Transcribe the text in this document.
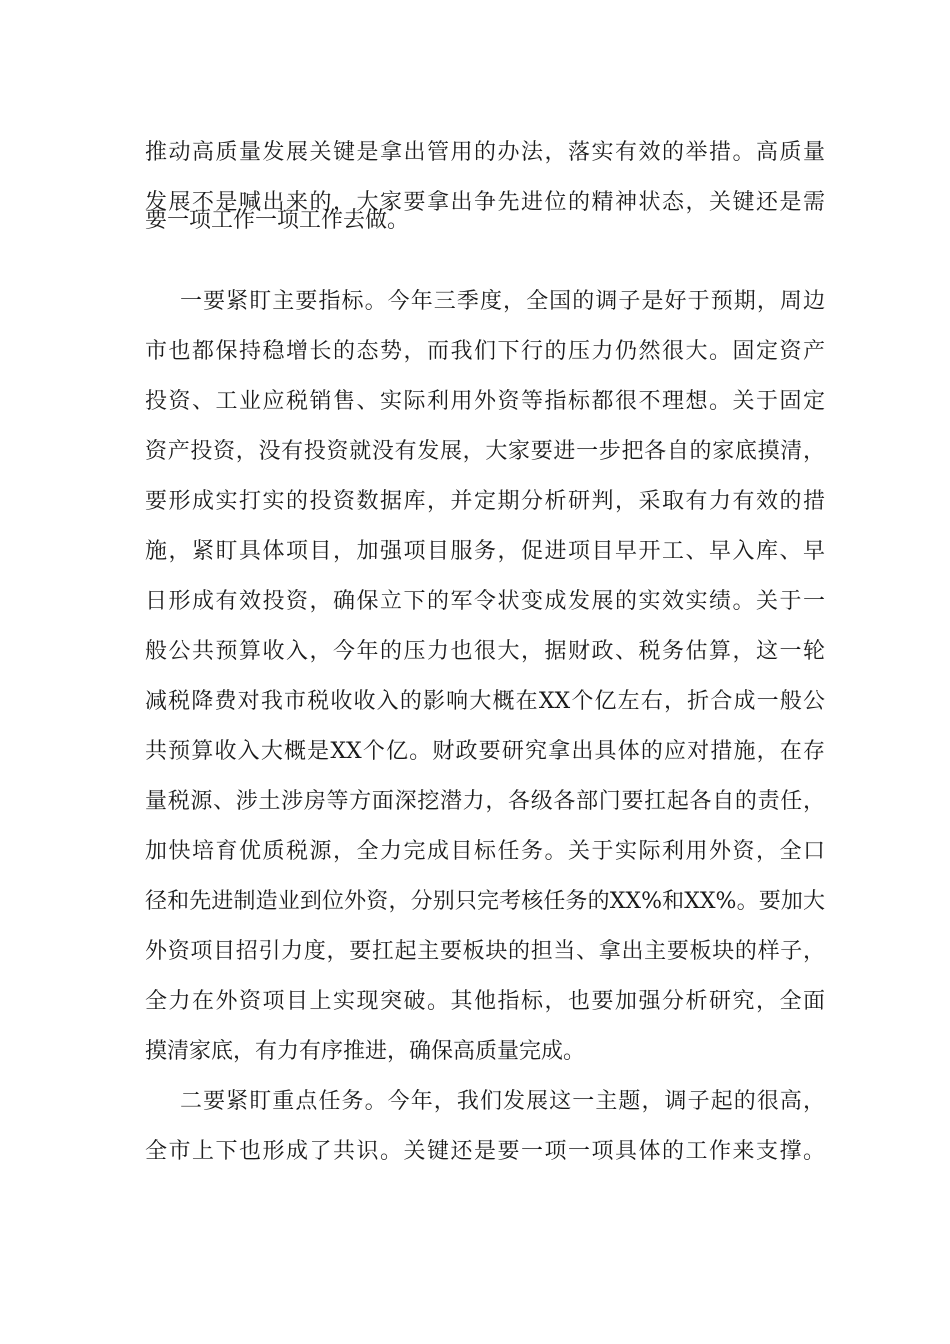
推动高质量发展关键是拿出管用的办法，落实有效的举措。高质量
发展不是喊出来的，大家要拿出争先进位的精神状态，关键还是需
要一项工作一项工作去做。
一要紧盯主要指标。今年三季度，全国的调子是好于预期，周边
市也都保持稳增长的态势，而我们下行的压力仍然很大。固定资产
投资、工业应税销售、实际利用外资等指标都很不理想。关于固定
资产投资，没有投资就没有发展，大家要进一步把各自的家底摸清，
要形成实打实的投资数据库，并定期分析研判，采取有力有效的措
施，紧盯具体项目，加强项目服务，促进项目早开工、早入库、早
日形成有效投资，确保立下的军令状变成发展的实效实绩。关于一
般公共预算收入，今年的压力也很大，据财政、税务估算，这一轮
减税降费对我市税收收入的影响大概在XX个亿左右，折合成一般公
共预算收入大概是XX个亿。财政要研究拿出具体的应对措施，在存
量税源、涉土涉房等方面深挖潜力，各级各部门要扛起各自的责任，
加快培育优质税源，全力完成目标任务。关于实际利用外资，全口
径和先进制造业到位外资，分别只完考核任务的XX%和XX%。要加大
外资项目招引力度，要扛起主要板块的担当、拿出主要板块的样子，
全力在外资项目上实现突破。其他指标，也要加强分析研究，全面
摸清家底，有力有序推进，确保高质量完成。
二要紧盯重点任务。今年，我们发展这一主题，调子起的很高，
全市上下也形成了共识。关键还是要一项一项具体的工作来支撑。
